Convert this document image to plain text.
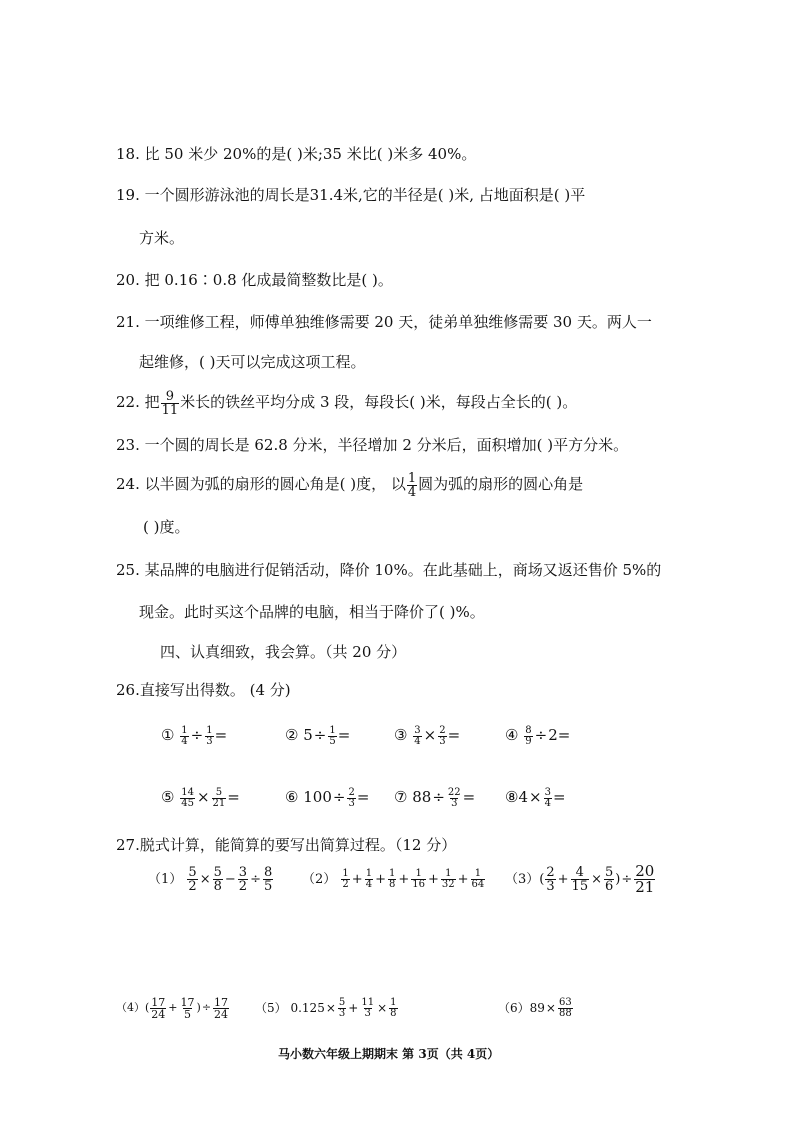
18. 比 50 米少 20%的是( )米;35 米比( )米多 40%。
19. 一个圆形游泳池的周长是31.4米,它的半径是( )米, 占地面积是( )平
方米。
20. 把 0.16∶0.8 化成最简整数比是( )。
21. 一项维修工程，师傅单独维修需要 20 天，徒弟单独维修需要 30 天。两人一
起维修，( )天可以完成这项工程。
22. 把 $\frac{9}{11}$ 米长的铁丝平均分成 3 段，每段长( )米，每段占全长的( )。
23. 一个圆的周长是 62.8 分米，半径增加 2 分米后，面积增加( )平方分米。
24. 以半圆为弧的扇形的圆心角是( )度， 以 $\frac{1}{4}$ 圆为弧的扇形的圆心角是
( )度。
25. 某品牌的电脑进行促销活动，降价 10%。在此基础上，商场又返还售价 5%的
现金。此时买这个品牌的电脑，相当于降价了( )%。
四、认真细致，我会算。（共 20 分）
26.直接写出得数。 (4 分)
① $\frac{1}{4} \div \frac{1}{3}$ =	② $5\div \frac{1}{5}$ =	③ $\frac{3}{4} \times \frac{2}{3}$ =	④ $\frac{8}{9} \div 2=$
⑤ $\frac{14}{45} \times \frac{5}{21}$ =	⑥ $100\div \frac{2}{3}$ = ⑦ $88\div \frac{22}{3}$ = ⑧4× $\frac{3}{4}$ =
27.脱式计算，能简算的要写出简算过程。（12 分）
$(1) \frac{5}{2} \times \frac{5}{8} - \frac{3}{2} \div \frac{8}{5} (2) \frac{1}{2} + \frac{1}{4} + \frac{1}{8} + \frac{1}{16} + \frac{1}{32} + \frac{1}{64} (3)( \frac{2}{3} + \frac{4}{15} \times \frac{5}{6}$ )÷ $\frac{20}{21}$
$(4)( \frac{17}{24} + \frac{17}{5}$ )÷ $\frac{17}{24} (5)$ $0.125\times \frac{5}{3} + \frac{11}{3} \times \frac{1}{8}$	$(6)89\times \frac{63}{88}$
马小数六年级上期期末 第 3页（共 4页）
